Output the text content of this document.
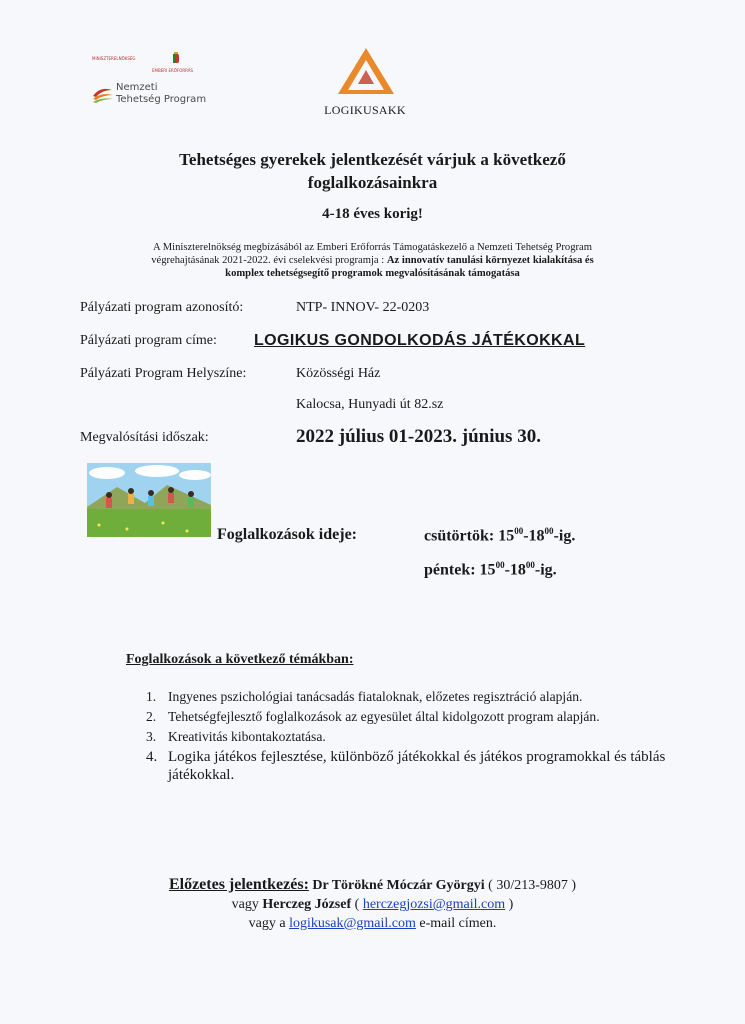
MINISZTERELNÖKSÉG
EMBERI ERŐFORRÁS
Nemzeti
Tehetség Program
LOGIKUSAKK
Tehetséges gyerekek jelentkezését várjuk a következő
foglalkozásainkra
4-18 éves korig!
A Miniszterelnökség megbízásából az Emberi Erőforrás Támogatáskezelő a Nemzeti Tehetség Program
végrehajtásának 2021-2022. évi cselekvési programja : Az innovatív tanulási környezet kialakítása és
komplex tehetségsegítő programok megvalósításának támogatása
Pályázati program azonosító:	NTP- INNOV- 22-0203
Pályázati program címe: LOGIKUS GONDOLKODÁS JÁTÉKOKKAL
Pályázati Program Helyszíne:	Közösségi Ház
Kalocsa, Hunyadi út 82.sz
Megvalósítási időszak:	2022 július 01-2023. június 30.
Foglalkozások ideje:	csütörtök: $15^{00}-18^{00}-ig$.
péntek: $15^{00}-18^{00}-ig$.
Foglalkozások a következő témákban:
1. Ingyenes pszichológiai tanácsadás fiataloknak, előzetes regisztráció alapján.
2. Tehetségfejlesztő foglalkozások az egyesület által kidolgozott program alapján.
3. Kreativitás kibontakoztatása.
4. Logika játékos fejlesztése, különböző játékokkal és játékos programokkal és táblás játékokkal.
Előzetes jelentkezés: Dr Törökné Móczár Györgyi ( 30/213-9807 )
vagy Herczeg József ( herczegjozsi@gmail.com )
vagy a logikusak@gmail.com e-mail címen.
